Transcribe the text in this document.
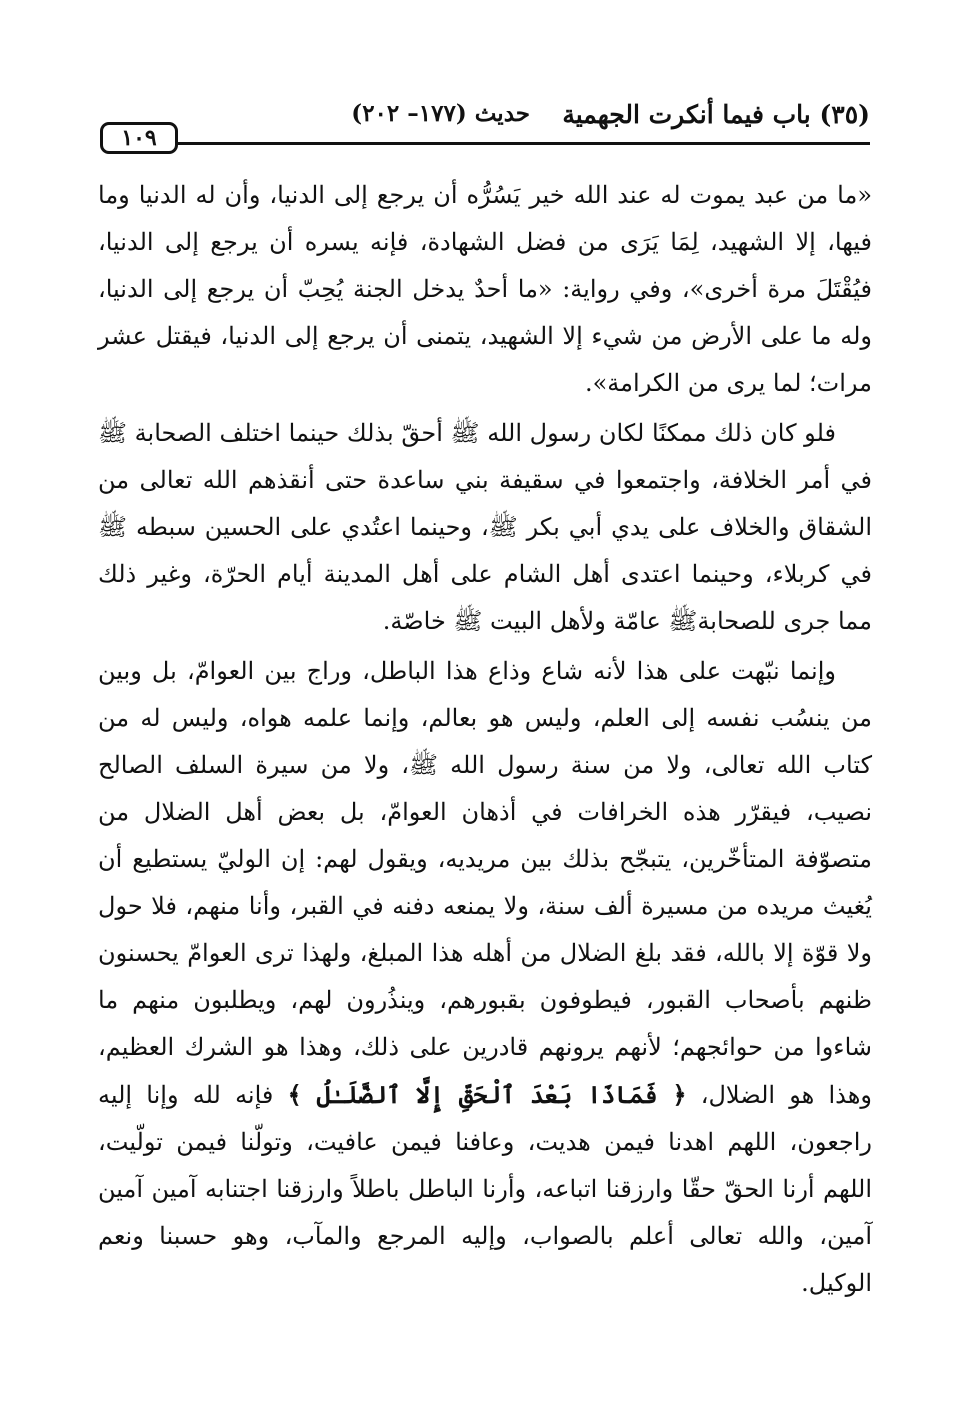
(٣٥) باب فيما أنكرت الجهمية
حديث (١٧٧– ٢٠٢)
١٠٩

«ما من عبد يموت له عند الله خير يَسُرُّه أن يرجع إلى الدنيا، وأن له الدنيا وما فيها، إلا الشهيد، لِمَا يَرَى من فضل الشهادة، فإنه يسره أن يرجع إلى الدنيا، فيُقْتَلَ مرة أخرى»، وفي رواية: «ما أحدٌ يدخل الجنة يُحِبّ أن يرجع إلى الدنيا، وله ما على الأرض من شيء إلا الشهيد، يتمنى أن يرجع إلى الدنيا، فيقتل عشر مرات؛ لما يرى من الكرامة».

فلو كان ذلك ممكنًا لكان رسول الله ﷺ أحقّ بذلك حينما اختلف الصحابة ﷺ في أمر الخلافة، واجتمعوا في سقيفة بني ساعدة حتى أنقذهم الله تعالى من الشقاق والخلاف على يدي أبي بكر ﷺ، وحينما اعتُدي على الحسين سبطه ﷺ في كربلاء، وحينما اعتدى أهل الشام على أهل المدينة أيام الحرّة، وغير ذلك مما جرى للصحابةﷺ عامّة ولأهل البيت ﷺ خاصّة.

وإنما نبّهت على هذا لأنه شاع وذاع هذا الباطل، وراج بين العوامّ، بل وبين من ينسُب نفسه إلى العلم، وليس هو بعالم، وإنما علمه هواه، وليس له من كتاب الله تعالى، ولا من سنة رسول الله ﷺ، ولا من سيرة السلف الصالح نصيب، فيقرّر هذه الخرافات في أذهان العوامّ، بل بعض أهل الضلال من متصوّفة المتأخّرين، يتبجّح بذلك بين مريديه، ويقول لهم: إن الوليّ يستطيع أن يُغيث مريده من مسيرة ألف سنة، ولا يمنعه دفنه في القبر، وأنا منهم، فلا حول ولا قوّة إلا بالله، فقد بلغ الضلال من أهله هذا المبلغ، ولهذا ترى العوامّ يحسنون ظنهم بأصحاب القبور، فيطوفون بقبورهم، وينذُرون لهم، ويطلبون منهم ما شاءوا من حوائجهم؛ لأنهم يرونهم قادرين على ذلك، وهذا هو الشرك العظيم، وهذا هو الضلال، ﴿ فَمَاذَا بَعْدَ ٱلْحَقِّ إِلَّا ٱلضَّلَـٰلُ ﴾ فإنه لله وإنا إليه راجعون، اللهم اهدنا فيمن هديت، وعافنا فيمن عافيت، وتولّنا فيمن تولّيت، اللهم أرنا الحقّ حقّا وارزقنا اتباعه، وأرنا الباطل باطلاً وارزقنا اجتنابه آمين آمين آمين، والله تعالى أعلم بالصواب، وإليه المرجع والمآب، وهو حسبنا ونعم الوكيل.
